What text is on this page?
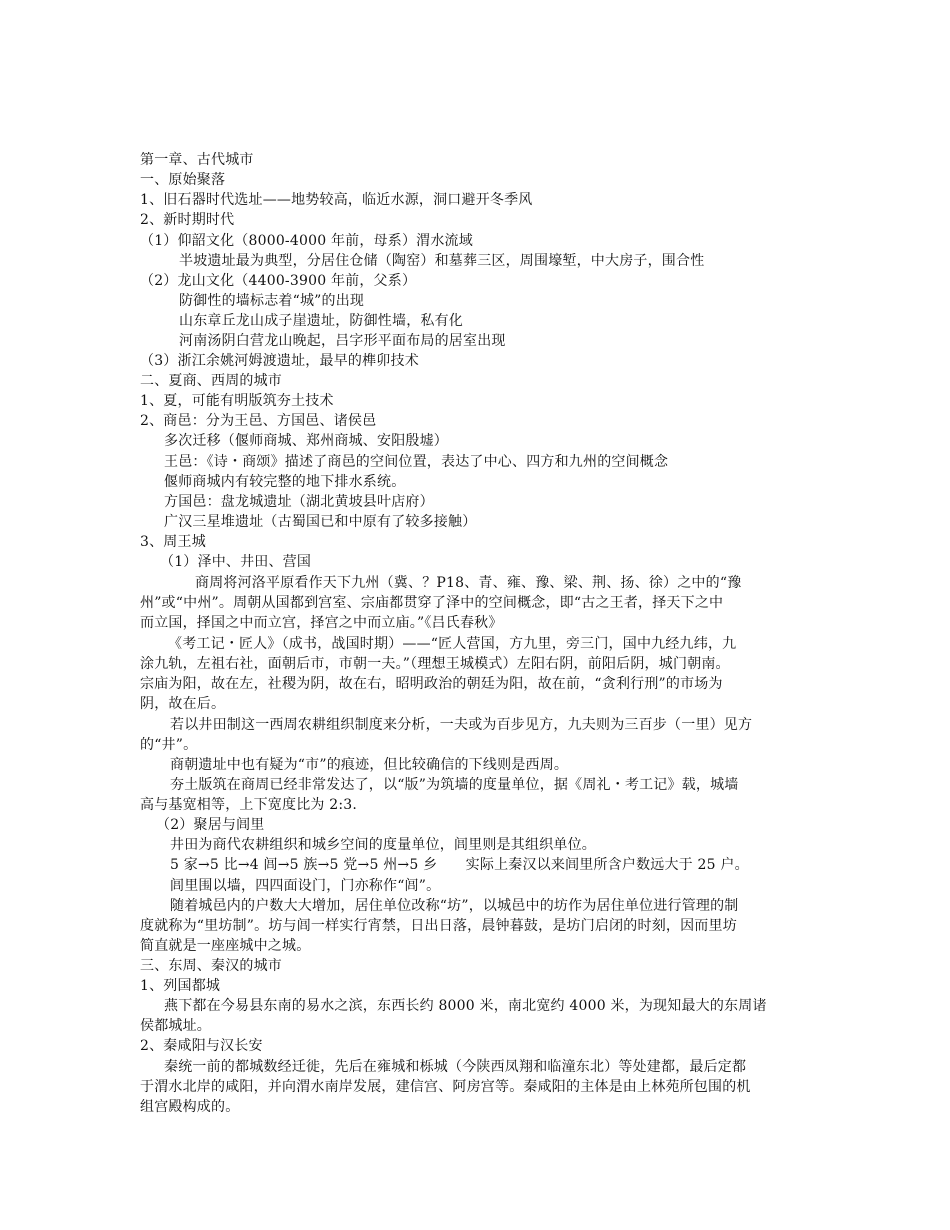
第一章、古代城市
一、原始聚落
1、旧石器时代选址——地势较高，临近水源，洞口避开冬季风
2、新时期时代
（1）仰韶文化（8000-4000 年前，母系）渭水流域
半坡遗址最为典型，分居住仓储（陶窑）和墓葬三区，周围壕堑，中大房子，围合性
（2）龙山文化（4400-3900 年前，父系）
防御性的墙标志着“城”的出现
山东章丘龙山成子崖遗址，防御性墙，私有化
河南汤阴白营龙山晚起，吕字形平面布局的居室出现
（3）浙江余姚河姆渡遗址，最早的榫卯技术
二、夏商、西周的城市
1、夏，可能有明版筑夯土技术
2、商邑：分为王邑、方国邑、诸侯邑
多次迁移（偃师商城、郑州商城、安阳殷墟）
王邑：《诗・商颂》描述了商邑的空间位置，表达了中心、四方和九州的空间概念
偃师商城内有较完整的地下排水系统。
方国邑：盘龙城遗址（湖北黄坡县叶店府）
广汉三星堆遗址（古蜀国已和中原有了较多接触）
3、周王城
（1）泽中、井田、营国
商周将河洛平原看作天下九州（冀、？P18、青、雍、豫、梁、荆、扬、徐）之中的“豫
州”或“中州”。周朝从国都到宫室、宗庙都贯穿了泽中的空间概念，即“古之王者，择天下之中
而立国，择国之中而立宫，择宫之中而立庙。”《吕氏春秋》
《考工记・匠人》（成书，战国时期）——“匠人营国，方九里，旁三门，国中九经九纬，九
涂九轨，左祖右社，面朝后市，市朝一夫。”（理想王城模式）左阳右阴，前阳后阴，城门朝南。
宗庙为阳，故在左，社稷为阴，故在右，昭明政治的朝廷为阳，故在前，“贪利行刑”的市场为
阴，故在后。
若以井田制这一西周农耕组织制度来分析，一夫或为百步见方，九夫则为三百步（一里）见方
的“井”。
商朝遗址中也有疑为“市”的痕迹，但比较确信的下线则是西周。
夯土版筑在商周已经非常发达了，以“版”为筑墙的度量单位，据《周礼・考工记》载，城墙
高与基宽相等，上下宽度比为 2:3.
（2）聚居与闾里
井田为商代农耕组织和城乡空间的度量单位，闾里则是其组织单位。
5 家→5 比→4 闾→5 族→5 党→5 州→5 乡　　实际上秦汉以来闾里所含户数远大于 25 户。
闾里围以墙，四四面设门，门亦称作“闾”。
随着城邑内的户数大大增加，居住单位改称“坊”，以城邑中的坊作为居住单位进行管理的制
度就称为“里坊制”。坊与闾一样实行宵禁，日出日落，晨钟暮鼓，是坊门启闭的时刻，因而里坊
简直就是一座座城中之城。
三、东周、秦汉的城市
1、列国都城
燕下都在今易县东南的易水之滨，东西长约 8000 米，南北宽约 4000 米，为现知最大的东周诸
侯都城址。
2、秦咸阳与汉长安
秦统一前的都城数经迁徙，先后在雍城和栎城（今陕西凤翔和临潼东北）等处建都，最后定都
于渭水北岸的咸阳，并向渭水南岸发展，建信宫、阿房宫等。秦咸阳的主体是由上林苑所包围的机
组宫殿构成的。
